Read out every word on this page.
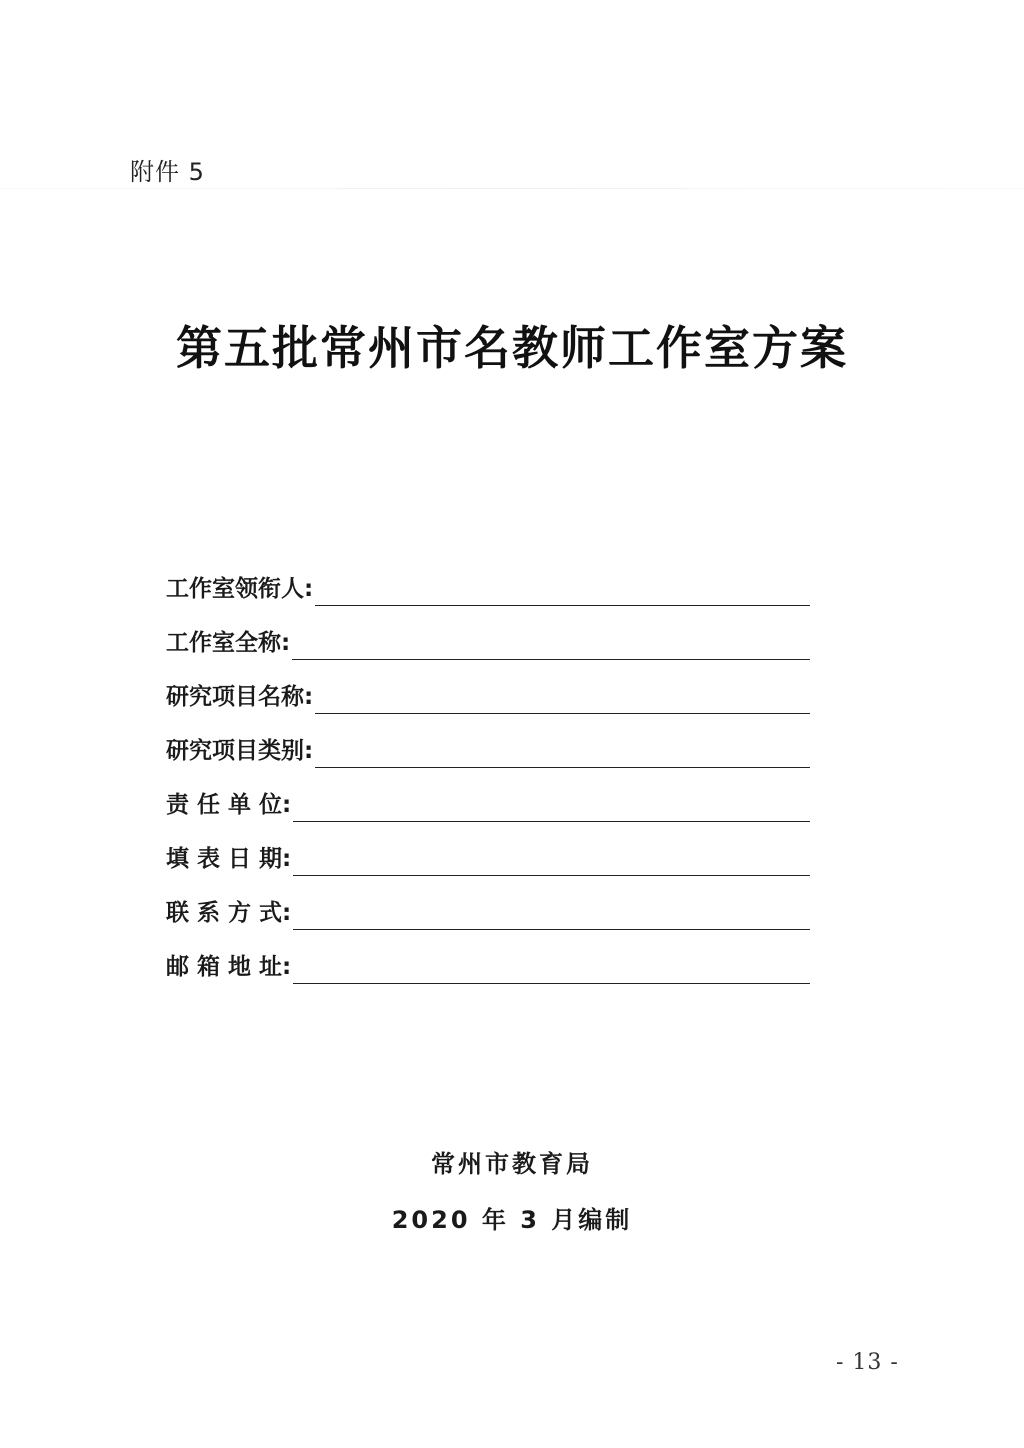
附件 5
第五批常州市名教师工作室方案
工作室领衔人:
工作室全称:
研究项目名称:
研究项目类别:
责 任 单 位:
填 表 日 期:
联 系 方 式:
邮 箱 地 址:
常州市教育局
2020 年 3 月编制
- 13 -
